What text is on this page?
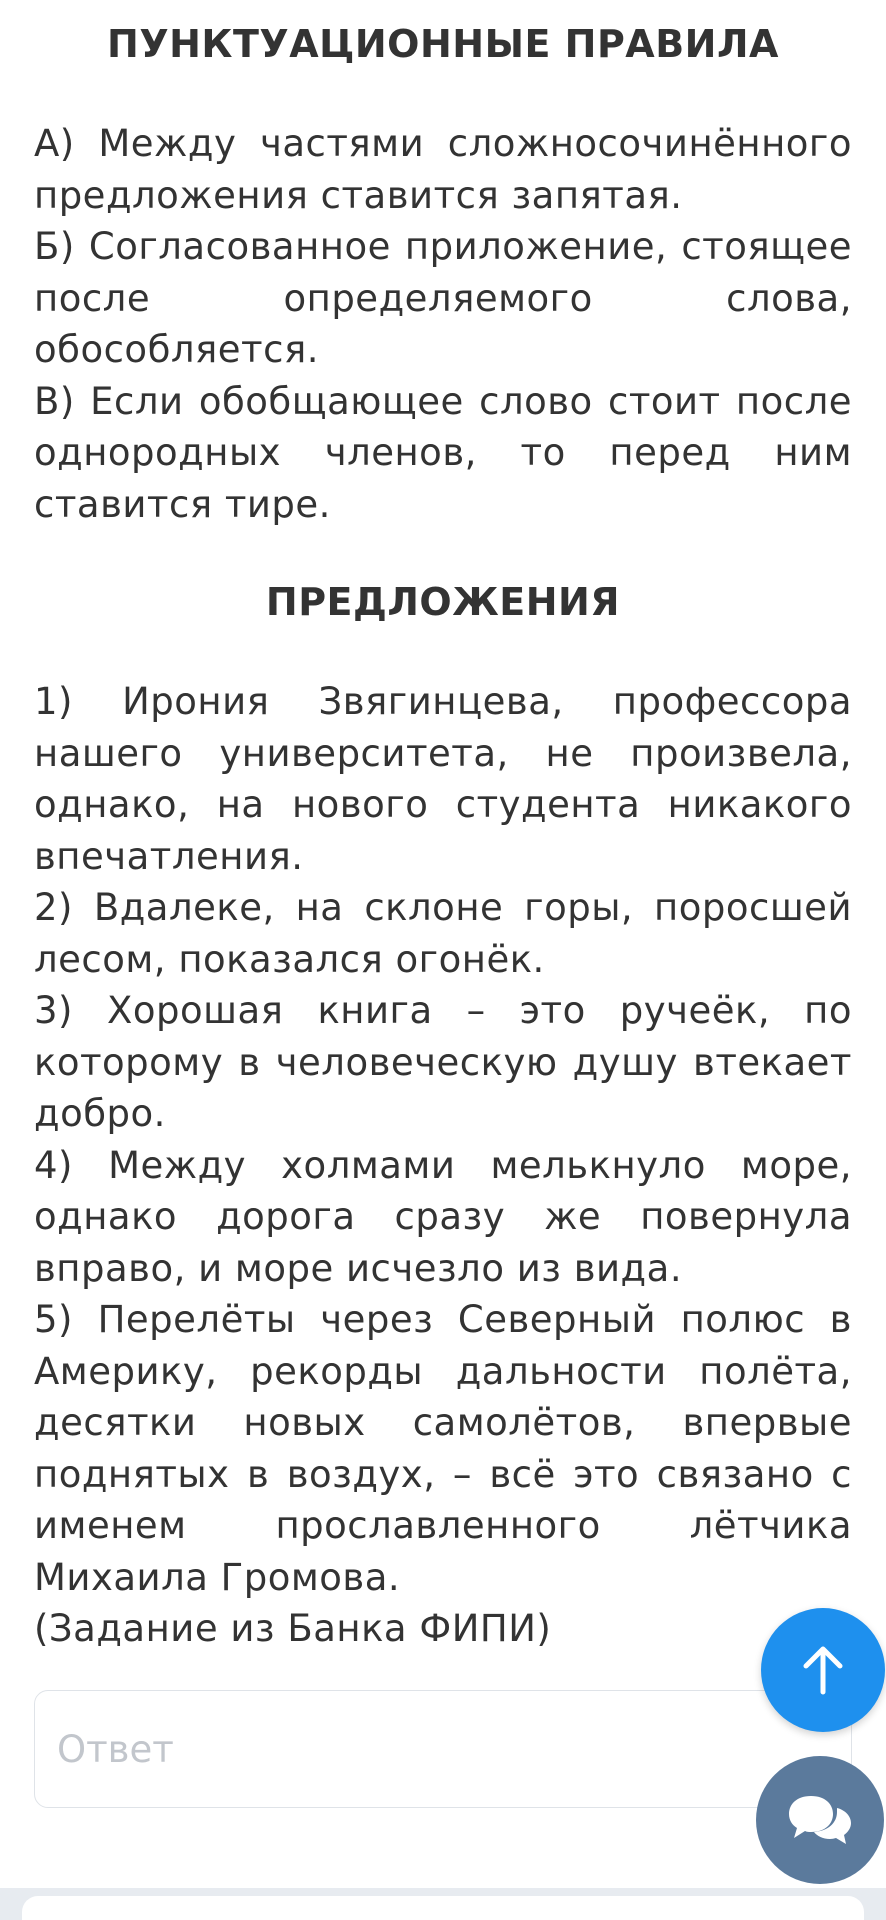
ПУНКТУАЦИОННЫЕ ПРАВИЛА

А) Между частями сложносочинённого предложения ставится запятая.

Б) Согласованное приложение, стоящее после определяемого слова, обособляется.

В) Если обобщающее слово стоит после однородных членов, то перед ним ставится тире.

ПРЕДЛОЖЕНИЯ

1) Ирония Звягинцева, профессора нашего университета, не произвела, однако, на нового студента никакого впечатления.

2) Вдалеке, на склоне горы, поросшей лесом, показался огонёк.

3) Хорошая книга – это ручеёк, по которому в человеческую душу втекает добро.

4) Между холмами мелькнуло море, однако дорога сразу же повернула вправо, и море исчезло из вида.

5) Перелёты через Северный полюс в Америку, рекорды дальности полёта, десятки новых самолётов, впервые поднятых в воздух, – всё это связано с именем прославленного лётчика Михаила Громова.

(Задание из Банка ФИПИ)

Ответ
